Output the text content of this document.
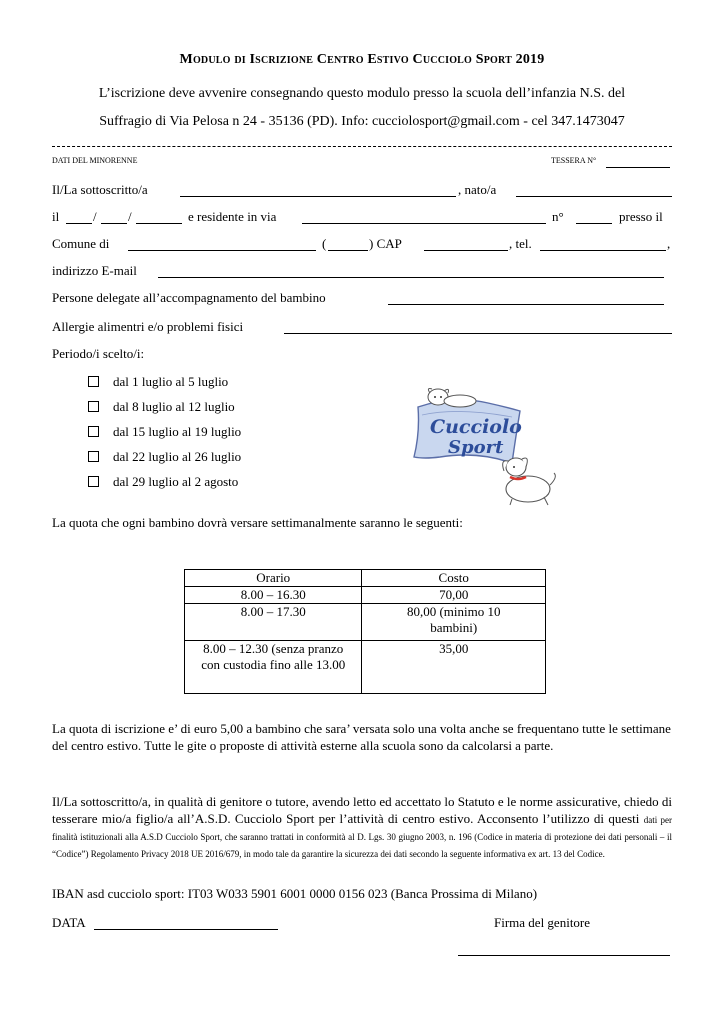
Modulo di Iscrizione Centro Estivo Cucciolo Sport 2019
L’iscrizione deve avvenire consegnando questo modulo presso la scuola dell’infanzia N.S. del
Suffragio di Via Pelosa n 24 - 35136 (PD). Info: cucciolosport@gmail.com - cel 347.1473047
DATI DEL MINORENNE	TESSERA N°
Il/La sottoscritto/a	, nato/a
il	/ /	e residente in via	n°	presso il
Comune di	(	) CAP	, tel.	,
indirizzo E-mail
Persone delegate all’accompagnamento del bambino
Allergie alimentri e/o problemi fisici
Periodo/i scelto/i:
dal 1 luglio al 5 luglio
dal 8 luglio al 12 luglio
dal 15 luglio al 19 luglio
dal 22 luglio al 26 luglio
dal 29 luglio al 2 agosto
Cucciolo
Sport
La quota che ogni bambino dovrà versare settimanalmente saranno le seguenti:
Orario	Costo
8.00 – 16.30	70,00
8.00 – 17.30	80,00 (minimo 10 bambini)
8.00 – 12.30 (senza pranzo con custodia fino alle 13.00	35,00
La quota di iscrizione e’ di euro 5,00 a bambino che sara’ versata solo una volta anche se frequentano tutte le settimane del centro estivo. Tutte le gite o proposte di attività esterne alla scuola sono da calcolarsi a parte.
Il/La sottoscritto/a, in qualità di genitore o tutore, avendo letto ed accettato lo Statuto e le norme assicurative, chiedo di tesserare mio/a figlio/a all’A.S.D. Cucciolo Sport per l’attività di centro estivo. Acconsento l’utilizzo di questi dati per finalità istituzionali alla A.S.D Cucciolo Sport, che saranno trattati in conformità al D. Lgs. 30 giugno 2003, n. 196 (Codice in materia di protezione dei dati personali – il “Codice”) Regolamento Privacy 2018 UE 2016/679, in modo tale da garantire la sicurezza dei dati secondo la seguente informativa ex art. 13 del Codice.
IBAN asd cucciolo sport: IT03 W033 5901 6001 0000 0156 023 (Banca Prossima di Milano)
DATA	Firma del genitore
